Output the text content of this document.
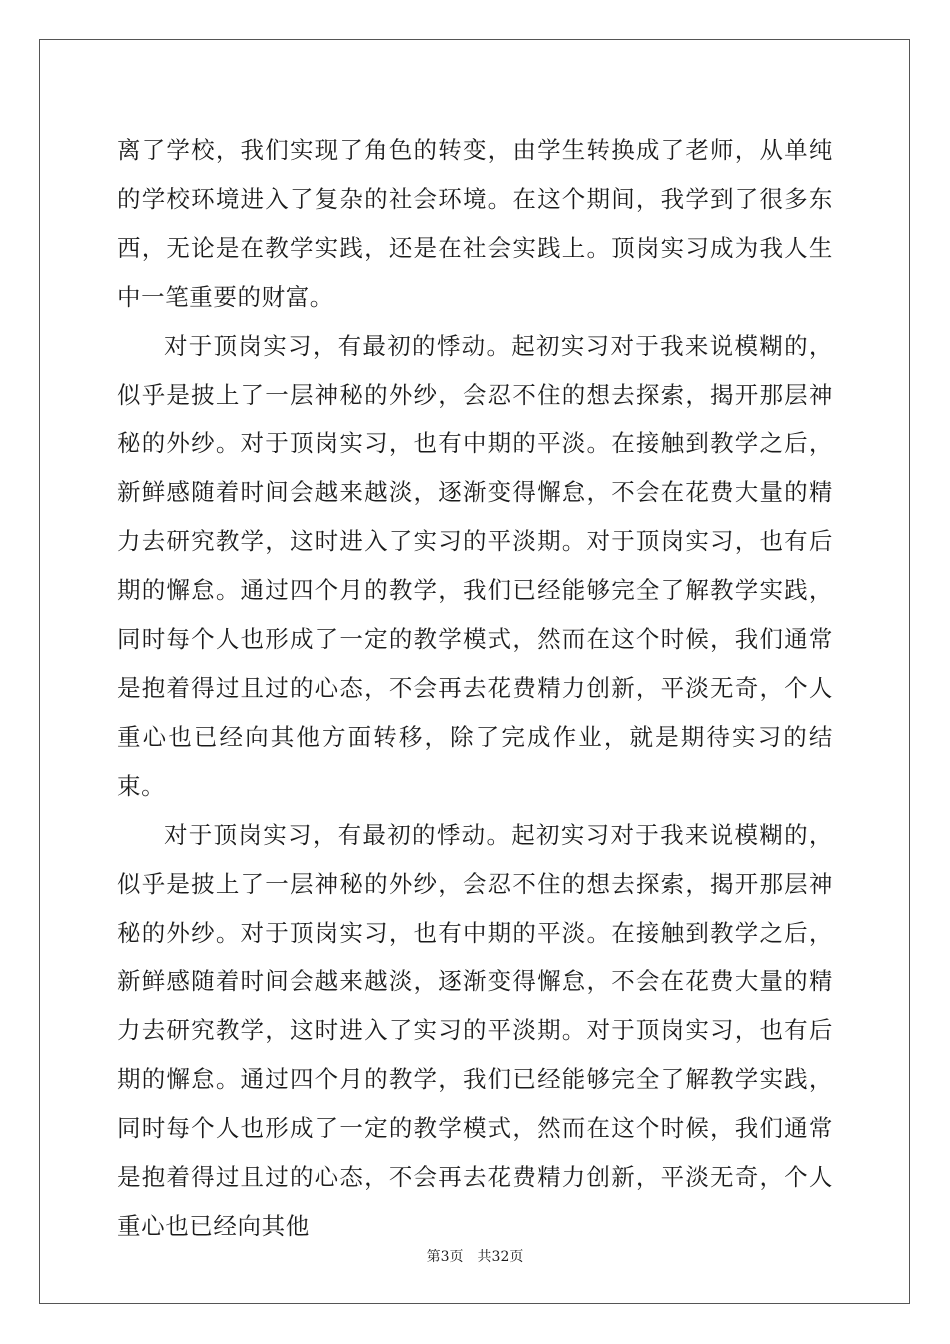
离了学校，我们实现了角色的转变，由学生转换成了老师，从单纯的学校环境进入了复杂的社会环境。在这个期间，我学到了很多东西，无论是在教学实践，还是在社会实践上。顶岗实习成为我人生中一笔重要的财富。

对于顶岗实习，有最初的悸动。起初实习对于我来说模糊的，似乎是披上了一层神秘的外纱，会忍不住的想去探索，揭开那层神秘的外纱。对于顶岗实习，也有中期的平淡。在接触到教学之后，新鲜感随着时间会越来越淡，逐渐变得懈怠，不会在花费大量的精力去研究教学，这时进入了实习的平淡期。对于顶岗实习，也有后期的懈怠。通过四个月的教学，我们已经能够完全了解教学实践，同时每个人也形成了一定的教学模式，然而在这个时候，我们通常是抱着得过且过的心态，不会再去花费精力创新，平淡无奇，个人重心也已经向其他方面转移，除了完成作业，就是期待实习的结束。

对于顶岗实习，有最初的悸动。起初实习对于我来说模糊的，似乎是披上了一层神秘的外纱，会忍不住的想去探索，揭开那层神秘的外纱。对于顶岗实习，也有中期的平淡。在接触到教学之后，新鲜感随着时间会越来越淡，逐渐变得懈怠，不会在花费大量的精力去研究教学，这时进入了实习的平淡期。对于顶岗实习，也有后期的懈怠。通过四个月的教学，我们已经能够完全了解教学实践，同时每个人也形成了一定的教学模式，然而在这个时候，我们通常是抱着得过且过的心态，不会再去花费精力创新，平淡无奇，个人重心也已经向其他

第3页 共32页
